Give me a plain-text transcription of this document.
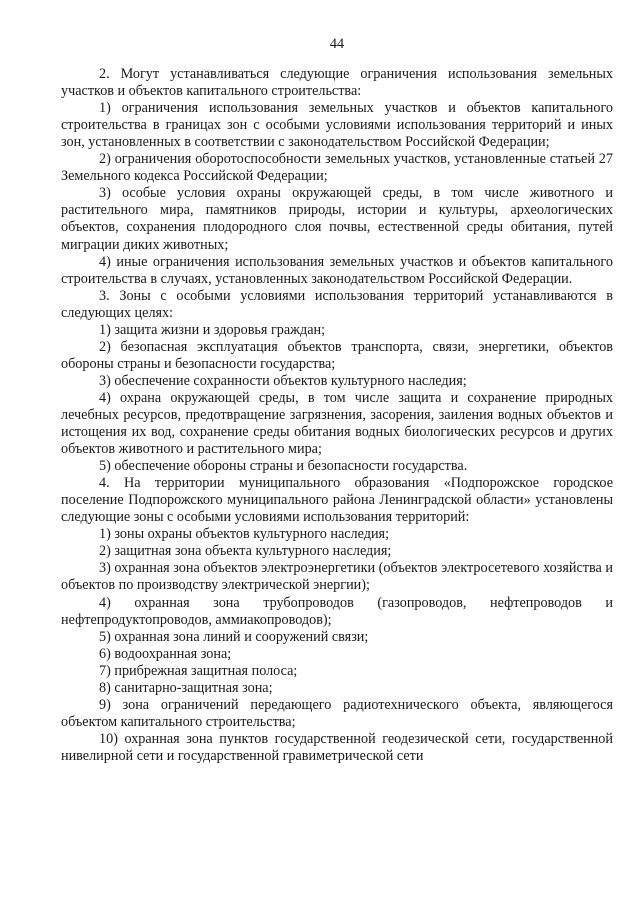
44

2. Могут устанавливаться следующие ограничения использования земельных участков и объектов капитального строительства:

1) ограничения использования земельных участков и объектов капитального строительства в границах зон с особыми условиями использования территорий и иных зон, установленных в соответствии с законодательством Российской Федерации;

2) ограничения оборотоспособности земельных участков, установленные статьей 27 Земельного кодекса Российской Федерации;

3) особые условия охраны окружающей среды, в том числе животного и растительного мира, памятников природы, истории и культуры, археологических объектов, сохранения плодородного слоя почвы, естественной среды обитания, путей миграции диких животных;

4) иные ограничения использования земельных участков и объектов капитального строительства в случаях, установленных законодательством Российской Федерации.

3. Зоны с особыми условиями использования территорий устанавливаются в следующих целях:

1) защита жизни и здоровья граждан;

2) безопасная эксплуатация объектов транспорта, связи, энергетики, объектов обороны страны и безопасности государства;

3) обеспечение сохранности объектов культурного наследия;

4) охрана окружающей среды, в том числе защита и сохранение природных лечебных ресурсов, предотвращение загрязнения, засорения, заиления водных объектов и истощения их вод, сохранение среды обитания водных биологических ресурсов и других объектов животного и растительного мира;

5) обеспечение обороны страны и безопасности государства.

4. На территории муниципального образования «Подпорожское городское поселение Подпорожского муниципального района Ленинградской области» установлены следующие зоны с особыми условиями использования территорий:

1) зоны охраны объектов культурного наследия;

2) защитная зона объекта культурного наследия;

3) охранная зона объектов электроэнергетики (объектов электросетевого хозяйства и объектов по производству электрической энергии);

4) охранная зона трубопроводов (газопроводов, нефтепроводов и нефтепродуктопроводов, аммиакопроводов);

5) охранная зона линий и сооружений связи;

6) водоохранная зона;

7) прибрежная защитная полоса;

8) санитарно-защитная зона;

9) зона ограничений передающего радиотехнического объекта, являющегося объектом капитального строительства;

10) охранная зона пунктов государственной геодезической сети, государственной нивелирной сети и государственной гравиметрической сети
